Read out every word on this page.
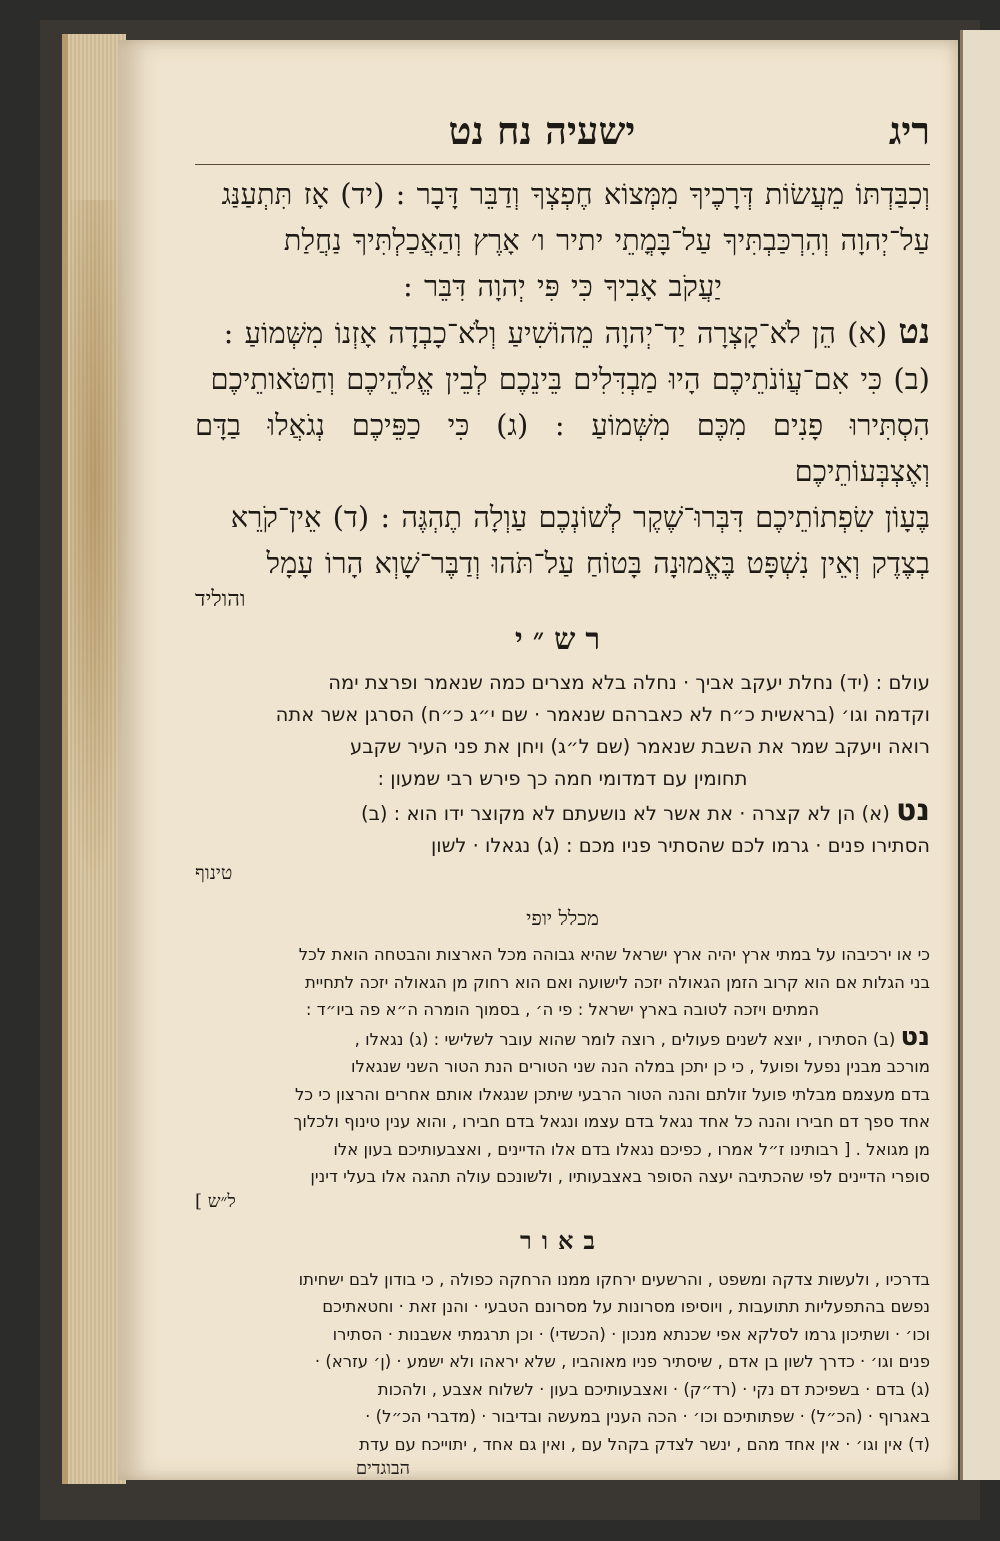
ריג
ישעיה נח נט

וְכִבַּדְתּוֹ מֵעֲשׂוֹת דְּרָכֶיךָ מִמְּצוֹא חֶפְצְךָ וְדַבֵּר דָּבָר : (יד) אָז תִּתְעַנַּג

עַל־יְהוָה וְהִרְכַּבְתִּיךָ עַל־בָּמֳתֵי יתיר ו׳ אָרֶץ וְהַאֲכַלְתִּיךָ נַחֲלַת

יַעֲקֹב אָבִיךָ כִּי פִּי יְהוָה דִּבֵּר :

נט (א) הֵן לֹא־קָצְרָה יַד־יְהוָה מֵהוֹשִׁיעַ וְלֹא־כָבְדָה אָזְנוֹ מִשְּׁמוֹעַ :

(ב) כִּי אִם־עֲוֹנֹתֵיכֶם הָיוּ מַבְדִּלִים בֵּינֵכֶם לְבֵין אֱלֹהֵיכֶם וְחַטֹּאותֵיכֶם

הִסְתִּירוּ פָנִים מִכֶּם מִשְּׁמוֹעַ : (ג) כִּי כַפֵּיכֶם נְגֹאֲלוּ בַדָּם וְאֶצְבְּעוֹתֵיכֶם

בֶּעָוֹן שִׂפְתוֹתֵיכֶם דִּבְּרוּ־שֶׁקֶר לְשׁוֹנְכֶם עַוְלָה תֶהְגֶּה : (ד) אֵין־קֹרֵא

בְצֶדֶק וְאֵין נִשְׁפָּט בֶּאֱמוּנָה בָּטוֹחַ עַל־תֹּהוּ וְדַבֶּר־שָׁוְא הָרוֹ עָמָל

והוליד

רש״י

עולם : (יד) נחלת יעקב אביך · נחלה בלא מצרים כמה שנאמר ופרצת ימה

וקדמה וגו׳ (בראשית כ״ח לא כאברהם שנאמר · שם י״ג כ״ח) הסרגן אשר אתה

רואה ויעקב שמר את השבת שנאמר (שם ל״ג) ויחן את פני העיר שקבע

תחומין עם דמדומי חמה כך פירש רבי שמעון :

נט (א) הן לא קצרה · את אשר לא נושעתם לא מקוצר ידו הוא : (ב)

הסתירו פנים · גרמו לכם שהסתיר פניו מכם : (ג) נגאלו · לשון

טינוף

מכלל יופי

כי או ירכיבהו על במתי ארץ יהיה ארץ ישראל שהיא גבוהה מכל הארצות והבטחה הואת לכל

בני הגלות אם הוא קרוב הזמן הגאולה יזכה לישועה ואם הוא רחוק מן הגאולה יזכה לתחיית

המתים ויזכה לטובה בארץ ישראל : פי ה׳ , בסמוך הומרה ה״א פה ביו״ד :

נט (ב) הסתירו , יוצא לשנים פעולים , רוצה לומר שהוא עובר לשלישי : (ג) נגאלו ,

מורכב מבנין נפעל ופועל , כי כן יתכן במלה הנה שני הטורים הנת הטור השני שנגאלו

בדם מעצמם מבלתי פועל זולתם והנה הטור הרבעי שיתכן שנגאלו אותם אחרים והרצון כי כל

אחד ספך דם חבירו והנה כל אחד נגאל בדם עצמו ונגאל בדם חבירו , והוא ענין טינוף ולכלוך

מן מגואל . [ רבותינו ז״ל אמרו , כפיכם נגאלו בדם אלו הדיינים , ואצבעותיכם בעון אלו

סופרי הדיינים לפי שהכתיבה יעצה הסופר באצבעותיו , ולשונכם עולה תהגה אלו בעלי דינין

ל״ש ]

באור

בדרכיו , ולעשות צדקה ומשפט , והרשעים ירחקו ממנו הרחקה כפולה , כי בודון לבם ישחיתו

נפשם בהתפעליות תתועבות , ויוסיפו מסרונות על מסרונם הטבעי · והנן זאת · וחטאתיכם

וכו׳ · ושתיכון גרמו לסלקא אפי שכנתא מנכון · (הכשדי) · וכן תרגמתי אשבנות · הסתירו

פנים וגו׳ · כדרך לשון בן אדם , שיסתיר פניו מאוהביו , שלא יראהו ולא ישמע · (ן׳ עזרא) ·

(ג) בדם · בשפיכת דם נקי · (רד״ק) · ואצבעותיכם בעון · לשלוח אצבע , ולהכות

באגרוף · (הכ״ל) · שפתותיכם וכו׳ · הכה הענין במעשה ובדיבור · (מדברי הכ״ל) ·

(ד) אין וגו׳ · אין אחד מהם , ינשר לצדק בקהל עם , ואין גם אחד , יתוייכח עם עדת

הבוגדים
